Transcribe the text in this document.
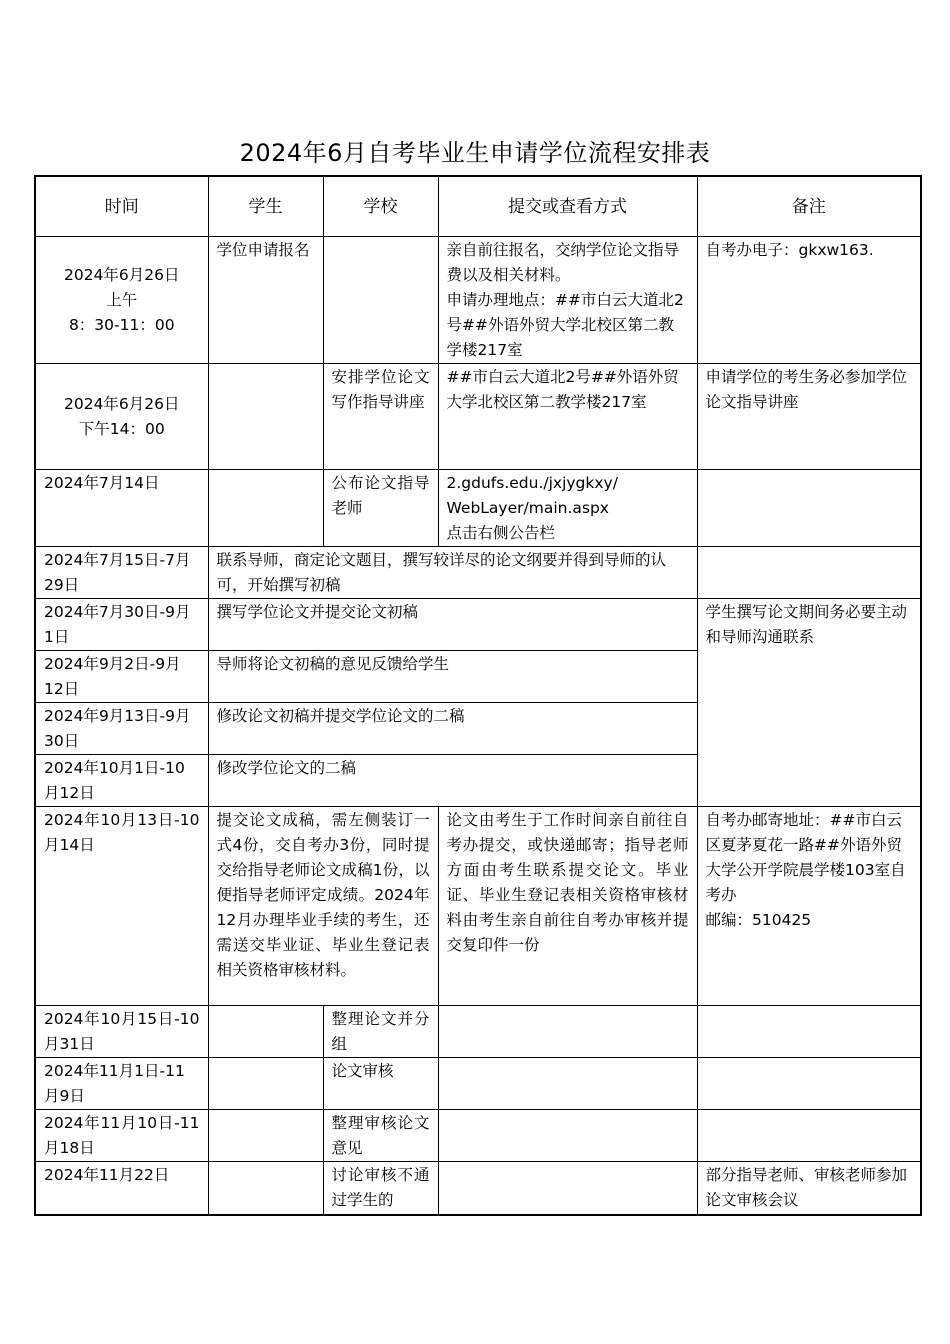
2024年6月自考毕业生申请学位流程安排表
时间	学生	学校	提交或查看方式	备注

2024年6月26日
上午
8：30-11：00	学位申请报名		亲自前往报名，交纳学位论文指导费以及相关材料。
申请办理地点：##市白云大道北2号##外语外贸大学北校区第二教学楼217室	自考办电子：gkxw163.

2024年6月26日
下午14：00		安排学位论文写作指导讲座	##市白云大道北2号##外语外贸大学北校区第二教学楼217室	申请学位的考生务必参加学位论文指导讲座
2024年7月14日		公布论文指导老师	2.gdufs.edu./jxjygkxy/
WebLayer/main.aspx
点击右侧公告栏	

2024年7月15日-7月29日	联系导师，商定论文题目，撰写较详尽的论文纲要并得到导师的认可，开始撰写初稿			
2024年7月30日-9月1日	撰写学位论文并提交论文初稿			学生撰写论文期间务必要主动和导师沟通联系
2024年9月2日-9月12日	导师将论文初稿的意见反馈给学生			
2024年9月13日-9月30日	修改论文初稿并提交学位论文的二稿			
2024年10月1日-10月12日	修改学位论文的二稿			
2024年10月13日-10月14日	提交论文成稿，需左侧装订一式4份，交自考办3份，同时提交给指导老师论文成稿1份，以便指导老师评定成绩。2024年12月办理毕业手续的考生，还需送交毕业证、毕业生登记表相关资格审核材料。		论文由考生于工作时间亲自前往自考办提交，或快递邮寄；指导老师方面由考生联系提交论文。毕业证、毕业生登记表相关资格审核材料由考生亲自前往自考办审核并提交复印件一份	自考办邮寄地址：##市白云区夏茅夏花一路##外语外贸大学公开学院晨学楼103室自考办
邮编：510425

2024年10月15日-10月31日		整理论文并分组		
2024年11月1日-11月9日		论文审核		
2024年11月10日-11月18日		整理审核论文意见		
2024年11月22日		讨论审核不通过学生的		部分指导老师、审核老师参加论文审核会议
